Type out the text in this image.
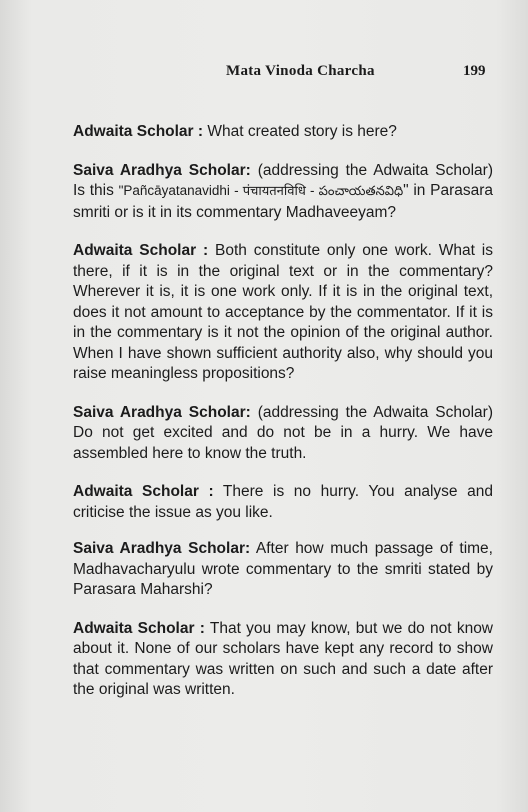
Mata Vinoda Charcha	199

Adwaita Scholar : What created story is here?

Saiva Aradhya Scholar: (addressing the Adwaita Scholar) Is this "Pañcāyatanavidhi - पंचायतनविधि - పంచాయతనవిధి" in Parasara smriti or is it in its commentary Madhaveeyam?

Adwaita Scholar : Both constitute only one work. What is there, if it is in the original text or in the commentary? Wherever it is, it is one work only. If it is in the original text, does it not amount to acceptance by the commentator. If it is in the commentary is it not the opinion of the original author. When I have shown sufficient authority also, why should you raise meaningless propositions?

Saiva Aradhya Scholar: (addressing the Adwaita Scholar) Do not get excited and do not be in a hurry. We have assembled here to know the truth.

Adwaita Scholar : There is no hurry. You analyse and criticise the issue as you like.

Saiva Aradhya Scholar: After how much passage of time, Madhavacharyulu wrote commentary to the smriti stated by Parasara Maharshi?

Adwaita Scholar : That you may know, but we do not know about it. None of our scholars have kept any record to show that commentary was written on such and such a date after the original was written.
